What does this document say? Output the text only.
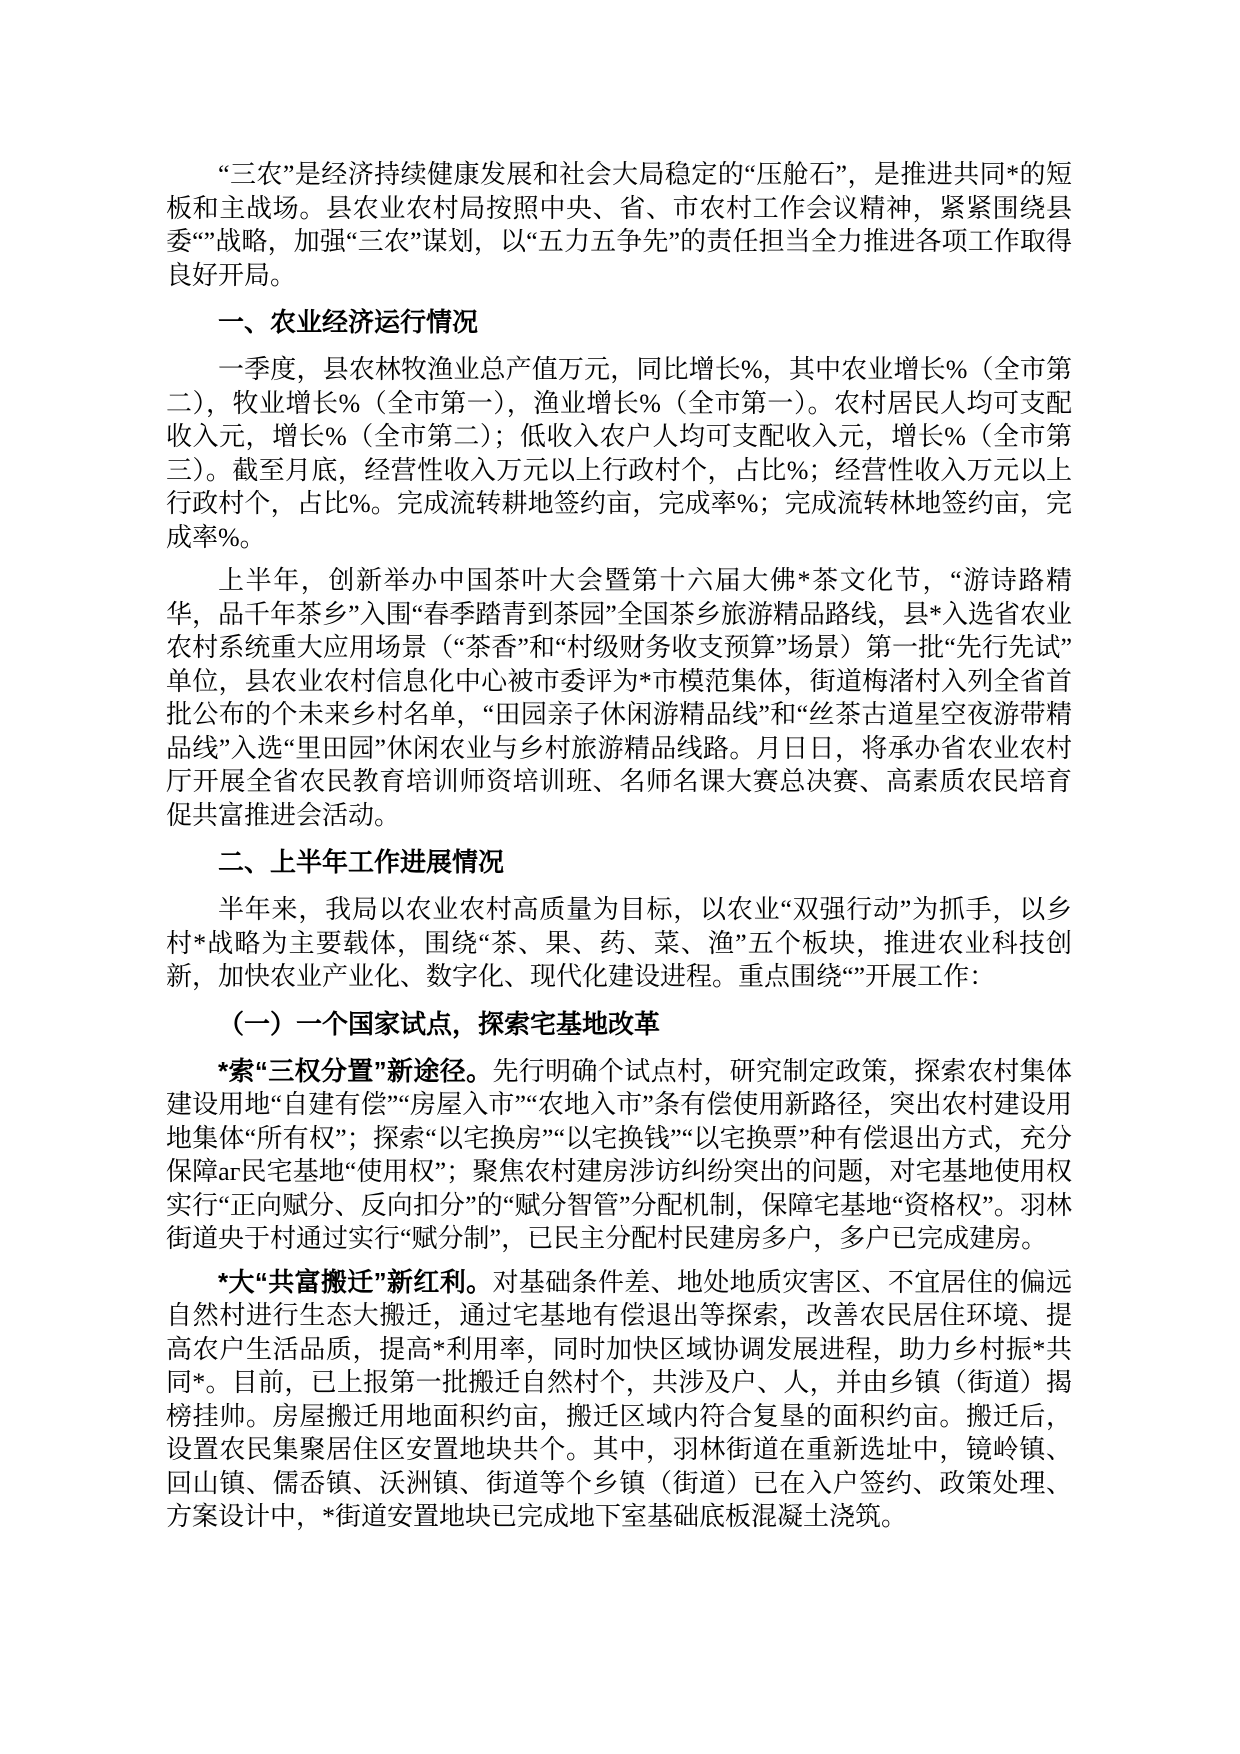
“三农”是经济持续健康发展和社会大局稳定的“压舱石”，是推进共同*的短板和主战场。县农业农村局按照中央、省、市农村工作会议精神，紧紧围绕县委“”战略，加强“三农”谋划，以“五力五争先”的责任担当全力推进各项工作取得良好开局。

一、农业经济运行情况

一季度，县农林牧渔业总产值万元，同比增长%，其中农业增长%（全市第二），牧业增长%（全市第一），渔业增长%（全市第一）。农村居民人均可支配收入元，增长%（全市第二）；低收入农户人均可支配收入元，增长%（全市第三）。截至月底，经营性收入万元以上行政村个，占比%；经营性收入万元以上行政村个，占比%。完成流转耕地签约亩，完成率%；完成流转林地签约亩，完成率%。

上半年，创新举办中国茶叶大会暨第十六届大佛*茶文化节，“游诗路精华，品千年茶乡”入围“春季踏青到茶园”全国茶乡旅游精品路线，县*入选省农业农村系统重大应用场景（“茶香”和“村级财务收支预算”场景）第一批“先行先试”单位，县农业农村信息化中心被市委评为*市模范集体，街道梅渚村入列全省首批公布的个未来乡村名单，“田园亲子休闲游精品线”和“丝茶古道星空夜游带精品线”入选“里田园”休闲农业与乡村旅游精品线路。月日日，将承办省农业农村厅开展全省农民教育培训师资培训班、名师名课大赛总决赛、高素质农民培育促共富推进会活动。

二、上半年工作进展情况

半年来，我局以农业农村高质量为目标，以农业“双强行动”为抓手，以乡村*战略为主要载体，围绕“茶、果、药、菜、渔”五个板块，推进农业科技创新，加快农业产业化、数字化、现代化建设进程。重点围绕“”开展工作：

（一）一个国家试点，探索宅基地改革

*索“三权分置”新途径。先行明确个试点村，研究制定政策，探索农村集体建设用地“自建有偿”“房屋入市”“农地入市”条有偿使用新路径，突出农村建设用地集体“所有权”；探索“以宅换房”“以宅换钱”“以宅换票”种有偿退出方式，充分保障аг民宅基地“使用权”；聚焦农村建房涉访纠纷突出的问题，对宅基地使用权实行“正向赋分、反向扣分”的“赋分智管”分配机制，保障宅基地“资格权”。羽林街道央于村通过实行“赋分制”，已民主分配村民建房多户，多户已完成建房。

*大“共富搬迁”新红利。对基础条件差、地处地质灾害区、不宜居住的偏远自然村进行生态大搬迁，通过宅基地有偿退出等探索，改善农民居住环境、提高农户生活品质，提高*利用率，同时加快区域协调发展进程，助力乡村振*共同*。目前，已上报第一批搬迁自然村个，共涉及户、人，并由乡镇（街道）揭榜挂帅。房屋搬迁用地面积约亩，搬迁区域内符合复垦的面积约亩。搬迁后，设置农民集聚居住区安置地块共个。其中，羽林街道在重新选址中，镜岭镇、回山镇、儒岙镇、沃洲镇、街道等个乡镇（街道）已在入户签约、政策处理、方案设计中，*街道安置地块已完成地下室基础底板混凝土浇筑。
